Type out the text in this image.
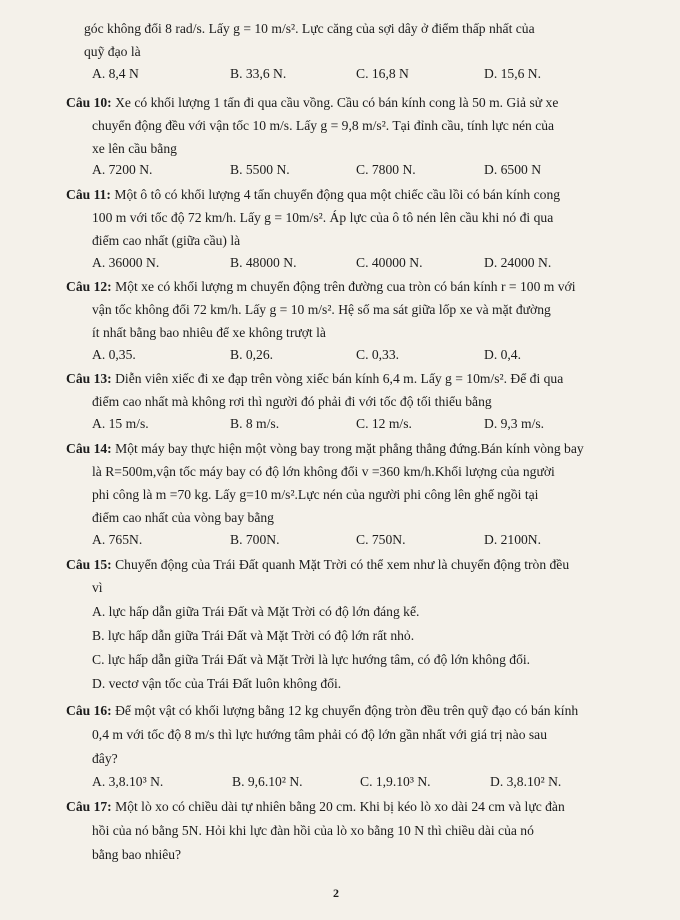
góc không đổi 8 rad/s. Lấy g = 10 m/s². Lực căng của sợi dây ở điểm thấp nhất của
quỹ đạo là
A. 8,4 N	B. 33,6 N.	C. 16,8 N	D. 15,6 N.
Câu 10: Xe có khối lượng 1 tấn đi qua cầu vồng. Cầu có bán kính cong là 50 m. Giả sử xe
chuyển động đều với vận tốc 10 m/s. Lấy g = 9,8 m/s². Tại đỉnh cầu, tính lực nén của
xe lên cầu bằng
A. 7200 N.	B. 5500 N.	C. 7800 N.	D. 6500 N
Câu 11: Một ô tô có khối lượng 4 tấn chuyển động qua một chiếc cầu lồi có bán kính cong
100 m với tốc độ 72 km/h. Lấy g = 10m/s². Áp lực của ô tô nén lên cầu khi nó đi qua
điểm cao nhất (giữa cầu) là
A. 36000 N.	B. 48000 N.	C. 40000 N.	D. 24000 N.
Câu 12: Một xe có khối lượng m chuyển động trên đường cua tròn có bán kính r = 100 m với
vận tốc không đổi 72 km/h. Lấy g = 10 m/s². Hệ số ma sát giữa lốp xe và mặt đường
ít nhất bằng bao nhiêu để xe không trượt là
A. 0,35.	B. 0,26.	C. 0,33.	D. 0,4.
Câu 13: Diễn viên xiếc đi xe đạp trên vòng xiếc bán kính 6,4 m. Lấy g = 10m/s². Để đi qua
điểm cao nhất mà không rơi thì người đó phải đi với tốc độ tối thiểu bằng
A. 15 m/s.	B. 8 m/s.	C. 12 m/s.	D. 9,3 m/s.
Câu 14: Một máy bay thực hiện một vòng bay trong mặt phẳng thẳng đứng.Bán kính vòng bay
là R=500m,vận tốc máy bay có độ lớn không đổi v =360 km/h.Khối lượng của người
phi công là m =70 kg. Lấy g=10 m/s².Lực nén của người phi công lên ghế ngồi tại
điểm cao nhất của vòng bay bằng
A. 765N.	B. 700N.	C. 750N.	D. 2100N.
Câu 15: Chuyển động của Trái Đất quanh Mặt Trời có thể xem như là chuyển động tròn đều
vì
A. lực hấp dẫn giữa Trái Đất và Mặt Trời có độ lớn đáng kể.
B. lực hấp dẫn giữa Trái Đất và Mặt Trời có độ lớn rất nhỏ.
C. lực hấp dẫn giữa Trái Đất và Mặt Trời là lực hướng tâm, có độ lớn không đổi.
D. vectơ vận tốc của Trái Đất luôn không đổi.
Câu 16: Để một vật có khối lượng bằng 12 kg chuyển động tròn đều trên quỹ đạo có bán kính
0,4 m với tốc độ 8 m/s thì lực hướng tâm phải có độ lớn gần nhất với giá trị nào sau
đây?
A. 3,8.10³ N.	B. 9,6.10² N.	C. 1,9.10³ N.	D. 3,8.10² N.
Câu 17: Một lò xo có chiều dài tự nhiên bằng 20 cm. Khi bị kéo lò xo dài 24 cm và lực đàn
hồi của nó bằng 5N. Hỏi khi lực đàn hồi của lò xo bằng 10 N thì chiều dài của nó
bằng bao nhiêu?
2
